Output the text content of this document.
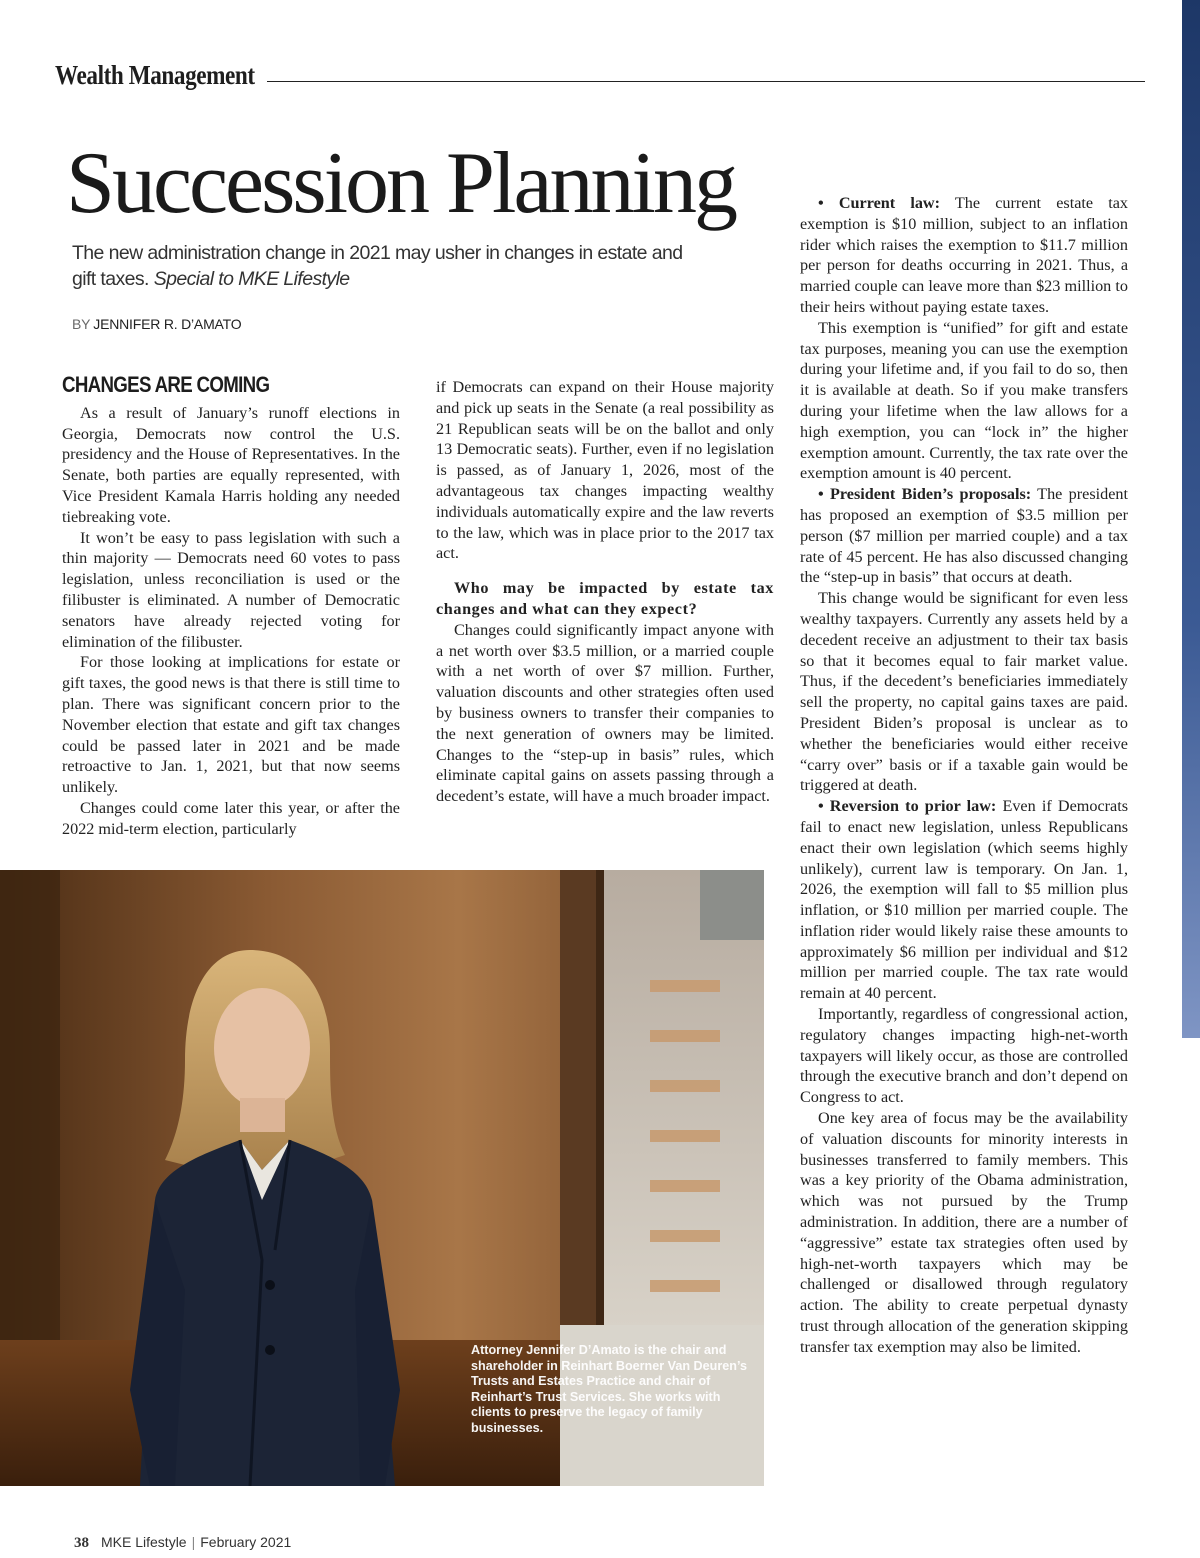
Wealth Management
Succession Planning

The new administration change in 2021 may usher in changes in estate and gift taxes. Special to MKE Lifestyle

BY JENNIFER R. D’AMATO
CHANGES ARE COMING

As a result of January’s runoff elections in Georgia, Democrats now control the U.S. presidency and the House of Representatives. In the Senate, both parties are equally represented, with Vice President Kamala Harris holding any needed tiebreaking vote.

It won’t be easy to pass legislation with such a thin majority — Democrats need 60 votes to pass legislation, unless reconciliation is used or the filibuster is eliminated. A number of Democratic senators have already rejected voting for elimination of the filibuster.

For those looking at implications for estate or gift taxes, the good news is that there is still time to plan. There was significant concern prior to the November election that estate and gift tax changes could be passed later in 2021 and be made retroactive to Jan. 1, 2021, but that now seems unlikely.

Changes could come later this year, or after the 2022 mid-term election, particularly

if Democrats can expand on their House majority and pick up seats in the Senate (a real possibility as 21 Republican seats will be on the ballot and only 13 Democratic seats). Further, even if no legislation is passed, as of January 1, 2026, most of the advantageous tax changes impacting wealthy individuals automatically expire and the law reverts to the law, which was in place prior to the 2017 tax act.

Who may be impacted by estate tax changes and what can they expect?

Changes could significantly impact anyone with a net worth over $3.5 million, or a married couple with a net worth of over $7 million. Further, valuation discounts and other strategies often used by business owners to transfer their companies to the next generation of owners may be limited. Changes to the “step-up in basis” rules, which eliminate capital gains on assets passing through a decedent’s estate, will have a much broader impact.

• Current law: The current estate tax exemption is $10 million, subject to an inflation rider which raises the exemption to $11.7 million per person for deaths occurring in 2021. Thus, a married couple can leave more than $23 million to their heirs without paying estate taxes.

This exemption is “unified” for gift and estate tax purposes, meaning you can use the exemption during your lifetime and, if you fail to do so, then it is available at death. So if you make transfers during your lifetime when the law allows for a high exemption, you can “lock in” the higher exemption amount. Currently, the tax rate over the exemption amount is 40 percent.

• President Biden’s proposals: The president has proposed an exemption of $3.5 million per person ($7 million per married couple) and a tax rate of 45 percent. He has also discussed changing the “step-up in basis” that occurs at death.

This change would be significant for even less wealthy taxpayers. Currently any assets held by a decedent receive an adjustment to their tax basis so that it becomes equal to fair market value. Thus, if the decedent’s beneficiaries immediately sell the property, no capital gains taxes are paid. President Biden’s proposal is unclear as to whether the beneficiaries would either receive “carry over” basis or if a taxable gain would be triggered at death.

• Reversion to prior law: Even if Democrats fail to enact new legislation, unless Republicans enact their own legislation (which seems highly unlikely), current law is temporary. On Jan. 1, 2026, the exemption will fall to $5 million plus inflation, or $10 million per married couple. The inflation rider would likely raise these amounts to approximately $6 million per individual and $12 million per married couple. The tax rate would remain at 40 percent.

Importantly, regardless of congressional action, regulatory changes impacting high-net-worth taxpayers will likely occur, as those are controlled through the executive branch and don’t depend on Congress to act.

One key area of focus may be the availability of valuation discounts for minority interests in businesses transferred to family members. This was a key priority of the Obama administration, which was not pursued by the Trump administration. In addition, there are a number of “aggressive” estate tax strategies often used by high-net-worth taxpayers which may be challenged or disallowed through regulatory action. The ability to create perpetual dynasty trust through allocation of the generation skipping transfer tax exemption may also be limited.

Attorney Jennifer D’Amato is the chair and shareholder in Reinhart Boerner Van Deuren’s Trusts and Estates Practice and chair of Reinhart’s Trust Services. She works with clients to preserve the legacy of family businesses.

38 MKE Lifestyle | February 2021
